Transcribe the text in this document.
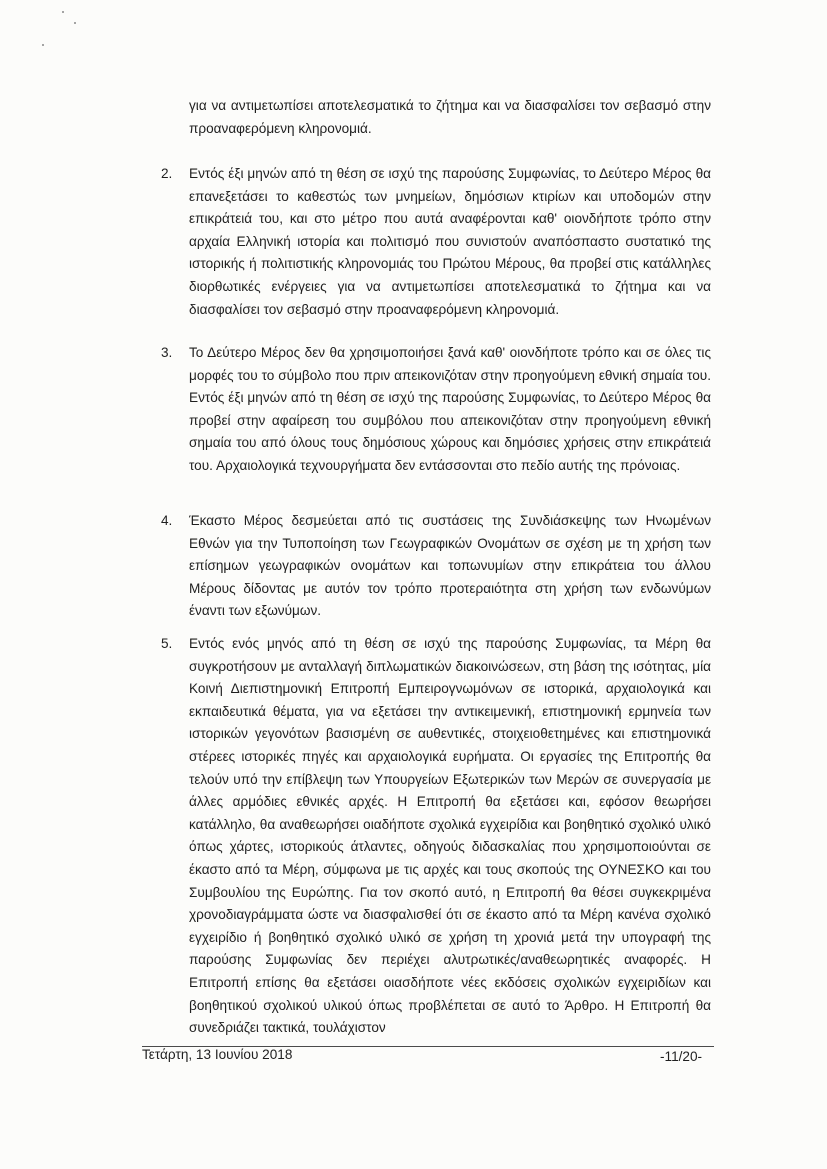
για να αντιμετωπίσει αποτελεσματικά το ζήτημα και να διασφαλίσει τον σεβασμό στην προαναφερόμενη κληρονομιά.
2.	Εντός έξι μηνών από τη θέση σε ισχύ της παρούσης Συμφωνίας, το Δεύτερο Μέρος θα επανεξετάσει το καθεστώς των μνημείων, δημόσιων κτιρίων και υποδομών στην επικράτειά του, και στο μέτρο που αυτά αναφέρονται καθ' οιονδήποτε τρόπο στην αρχαία Ελληνική ιστορία και πολιτισμό που συνιστούν αναπόσπαστο συστατικό της ιστορικής ή πολιτιστικής κληρονομιάς του Πρώτου Μέρους, θα προβεί στις κατάλληλες διορθωτικές ενέργειες για να αντιμετωπίσει αποτελεσματικά το ζήτημα και να διασφαλίσει τον σεβασμό στην προαναφερόμενη κληρονομιά.
3.	Το Δεύτερο Μέρος δεν θα χρησιμοποιήσει ξανά καθ' οιονδήποτε τρόπο και σε όλες τις μορφές του το σύμβολο που πριν απεικονιζόταν στην προηγούμενη εθνική σημαία του. Εντός έξι μηνών από τη θέση σε ισχύ της παρούσης Συμφωνίας, το Δεύτερο Μέρος θα προβεί στην αφαίρεση του συμβόλου που απεικονιζόταν στην προηγούμενη εθνική σημαία του από όλους τους δημόσιους χώρους και δημόσιες χρήσεις στην επικράτειά του. Αρχαιολογικά τεχνουργήματα δεν εντάσσονται στο πεδίο αυτής της πρόνοιας.
4.	Έκαστο Μέρος δεσμεύεται από τις συστάσεις της Συνδιάσκεψης των Ηνωμένων Εθνών για την Τυποποίηση των Γεωγραφικών Ονομάτων σε σχέση με τη χρήση των επίσημων γεωγραφικών ονομάτων και τοπωνυμίων στην επικράτεια του άλλου Μέρους δίδοντας με αυτόν τον τρόπο προτεραιότητα στη χρήση των ενδωνύμων έναντι των εξωνύμων.
5.	Εντός ενός μηνός από τη θέση σε ισχύ της παρούσης Συμφωνίας, τα Μέρη θα συγκροτήσουν με ανταλλαγή διπλωματικών διακοινώσεων, στη βάση της ισότητας, μία Κοινή Διεπιστημονική Επιτροπή Εμπειρογνωμόνων σε ιστορικά, αρχαιολογικά και εκπαιδευτικά θέματα, για να εξετάσει την αντικειμενική, επιστημονική ερμηνεία των ιστορικών γεγονότων βασισμένη σε αυθεντικές, στοιχειοθετημένες και επιστημονικά στέρεες ιστορικές πηγές και αρχαιολογικά ευρήματα. Οι εργασίες της Επιτροπής θα τελούν υπό την επίβλεψη των Υπουργείων Εξωτερικών των Μερών σε συνεργασία με άλλες αρμόδιες εθνικές αρχές. Η Επιτροπή θα εξετάσει και, εφόσον θεωρήσει κατάλληλο, θα αναθεωρήσει οιαδήποτε σχολικά εγχειρίδια και βοηθητικό σχολικό υλικό όπως χάρτες, ιστορικούς άτλαντες, οδηγούς διδασκαλίας που χρησιμοποιούνται σε έκαστο από τα Μέρη, σύμφωνα με τις αρχές και τους σκοπούς της ΟΥΝΕΣΚΟ και του Συμβουλίου της Ευρώπης. Για τον σκοπό αυτό, η Επιτροπή θα θέσει συγκεκριμένα χρονοδιαγράμματα ώστε να διασφαλισθεί ότι σε έκαστο από τα Μέρη κανένα σχολικό εγχειρίδιο ή βοηθητικό σχολικό υλικό σε χρήση τη χρονιά μετά την υπογραφή της παρούσης Συμφωνίας δεν περιέχει αλυτρωτικές/αναθεωρητικές αναφορές. Η Επιτροπή επίσης θα εξετάσει οιασδήποτε νέες εκδόσεις σχολικών εγχειριδίων και βοηθητικού σχολικού υλικού όπως προβλέπεται σε αυτό το Άρθρο. Η Επιτροπή θα συνεδριάζει τακτικά, τουλάχιστον
Τετάρτη, 13 Ιουνίου 2018	-11/20-
